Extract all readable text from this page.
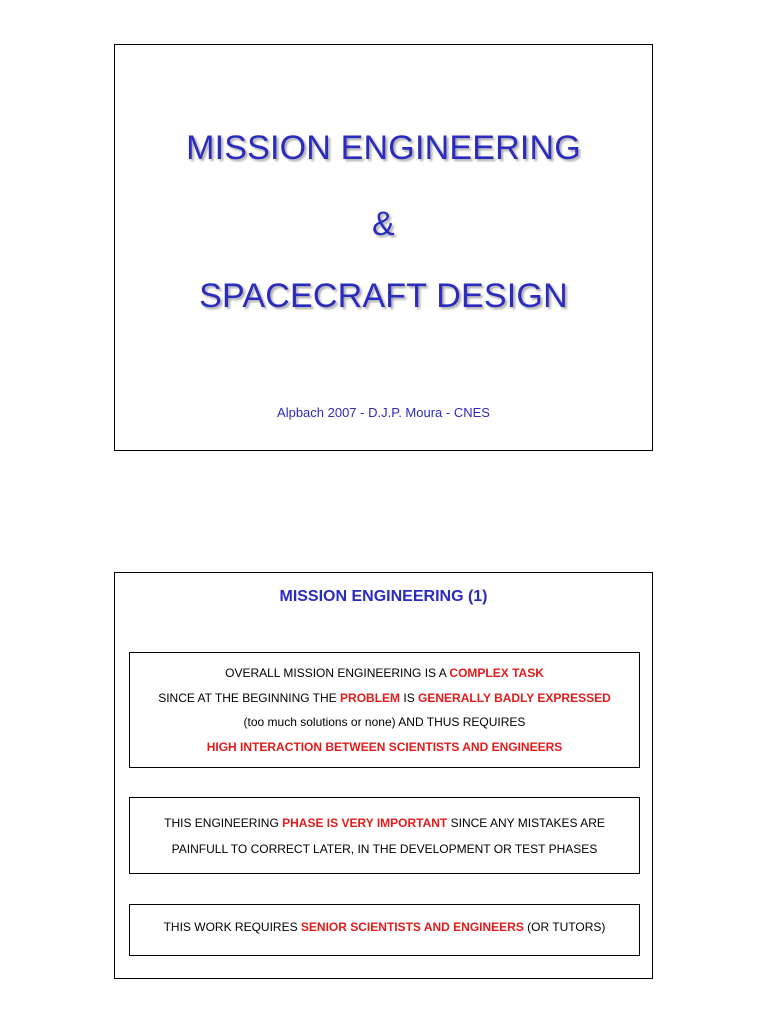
MISSION ENGINEERING
&
SPACECRAFT DESIGN
Alpbach 2007 - D.J.P. Moura - CNES
MISSION ENGINEERING (1)
OVERALL MISSION ENGINEERING IS A COMPLEX TASK
SINCE AT THE BEGINNING THE PROBLEM IS GENERALLY BADLY EXPRESSED
(too much solutions or none) AND THUS REQUIRES
HIGH INTERACTION BETWEEN SCIENTISTS AND ENGINEERS
THIS ENGINEERING PHASE IS VERY IMPORTANT SINCE ANY MISTAKES ARE
PAINFULL TO CORRECT LATER, IN THE DEVELOPMENT OR TEST PHASES
THIS WORK REQUIRES SENIOR SCIENTISTS AND ENGINEERS (OR TUTORS)
